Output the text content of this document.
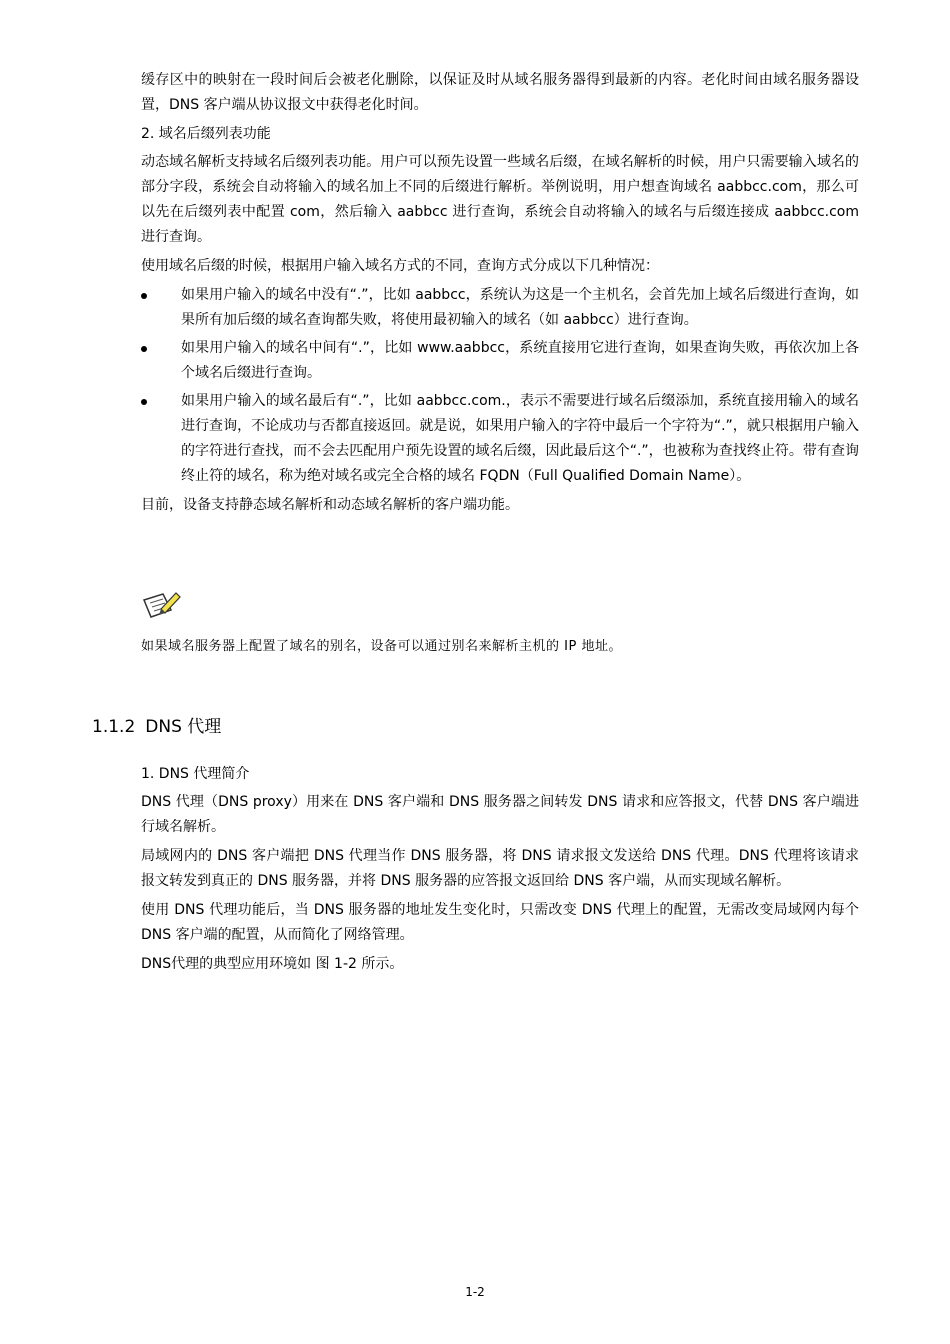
缓存区中的映射在一段时间后会被老化删除，以保证及时从域名服务器得到最新的内容。老化时间由域名服务器设置，DNS 客户端从协议报文中获得老化时间。

2. 域名后缀列表功能

动态域名解析支持域名后缀列表功能。用户可以预先设置一些域名后缀，在域名解析的时候，用户只需要输入域名的部分字段，系统会自动将输入的域名加上不同的后缀进行解析。举例说明，用户想查询域名 aabbcc.com，那么可以先在后缀列表中配置 com，然后输入 aabbcc 进行查询，系统会自动将输入的域名与后缀连接成 aabbcc.com 进行查询。

使用域名后缀的时候，根据用户输入域名方式的不同，查询方式分成以下几种情况：

如果用户输入的域名中没有“.”，比如 aabbcc，系统认为这是一个主机名，会首先加上域名后缀进行查询，如果所有加后缀的域名查询都失败，将使用最初输入的域名（如 aabbcc）进行查询。

如果用户输入的域名中间有“.”，比如 www.aabbcc，系统直接用它进行查询，如果查询失败，再依次加上各个域名后缀进行查询。

如果用户输入的域名最后有“.”，比如 aabbcc.com.，表示不需要进行域名后缀添加，系统直接用输入的域名进行查询，不论成功与否都直接返回。就是说，如果用户输入的字符中最后一个字符为“.”，就只根据用户输入的字符进行查找，而不会去匹配用户预先设置的域名后缀，因此最后这个“.”，也被称为查找终止符。带有查询终止符的域名，称为绝对域名或完全合格的域名 FQDN（Full Qualified Domain Name）。

目前，设备支持静态域名解析和动态域名解析的客户端功能。

如果域名服务器上配置了域名的别名，设备可以通过别名来解析主机的 IP 地址。
1.1.2 DNS 代理

1. DNS 代理简介

DNS 代理（DNS proxy）用来在 DNS 客户端和 DNS 服务器之间转发 DNS 请求和应答报文，代替 DNS 客户端进行域名解析。

局域网内的 DNS 客户端把 DNS 代理当作 DNS 服务器，将 DNS 请求报文发送给 DNS 代理。DNS 代理将该请求报文转发到真正的 DNS 服务器，并将 DNS 服务器的应答报文返回给 DNS 客户端，从而实现域名解析。

使用 DNS 代理功能后，当 DNS 服务器的地址发生变化时，只需改变 DNS 代理上的配置，无需改变局域网内每个 DNS 客户端的配置，从而简化了网络管理。

DNS代理的典型应用环境如 图 1-2 所示。

1-2
